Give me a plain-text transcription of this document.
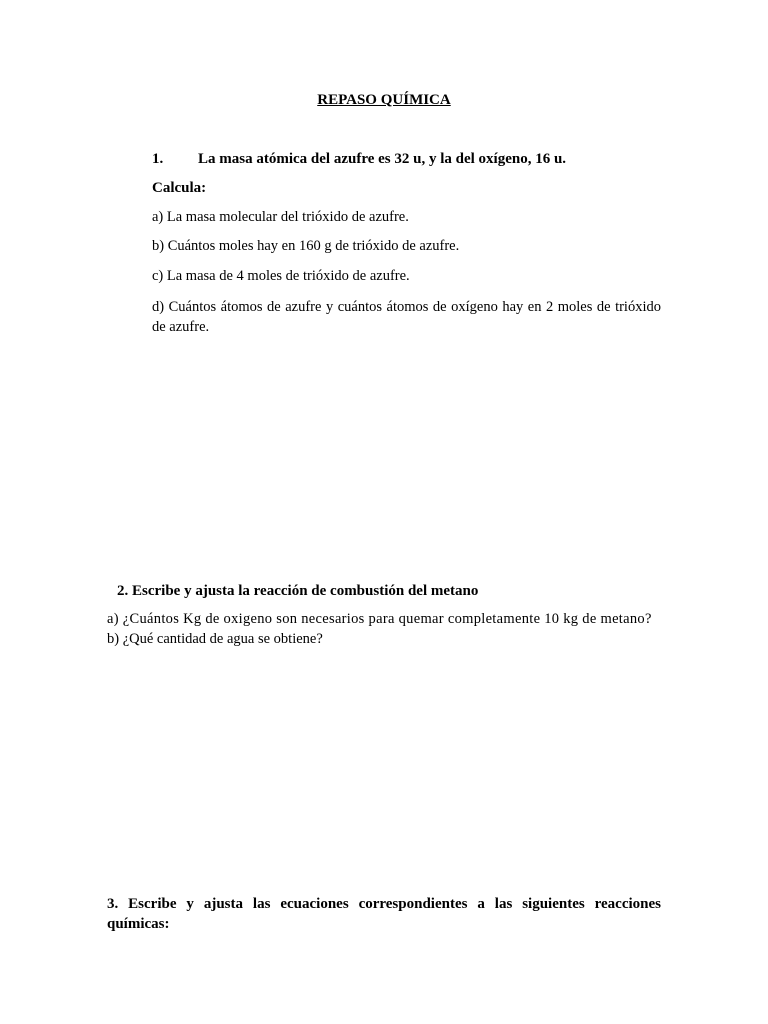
REPASO QUÍMICA
1. La masa atómica del azufre es 32 u, y la del oxígeno, 16 u.
Calcula:
a) La masa molecular del trióxido de azufre.
b) Cuántos moles hay en 160 g de trióxido de azufre.
c) La masa de 4 moles de trióxido de azufre.
d) Cuántos átomos de azufre y cuántos átomos de oxígeno hay en 2 moles de trióxido de azufre.
2. Escribe y ajusta la reacción de combustión del metano
a) ¿Cuántos Kg de oxigeno son necesarios para quemar completamente 10 kg de metano?
b) ¿Qué cantidad de agua se obtiene?
3. Escribe y ajusta las ecuaciones correspondientes a las siguientes reacciones químicas:
